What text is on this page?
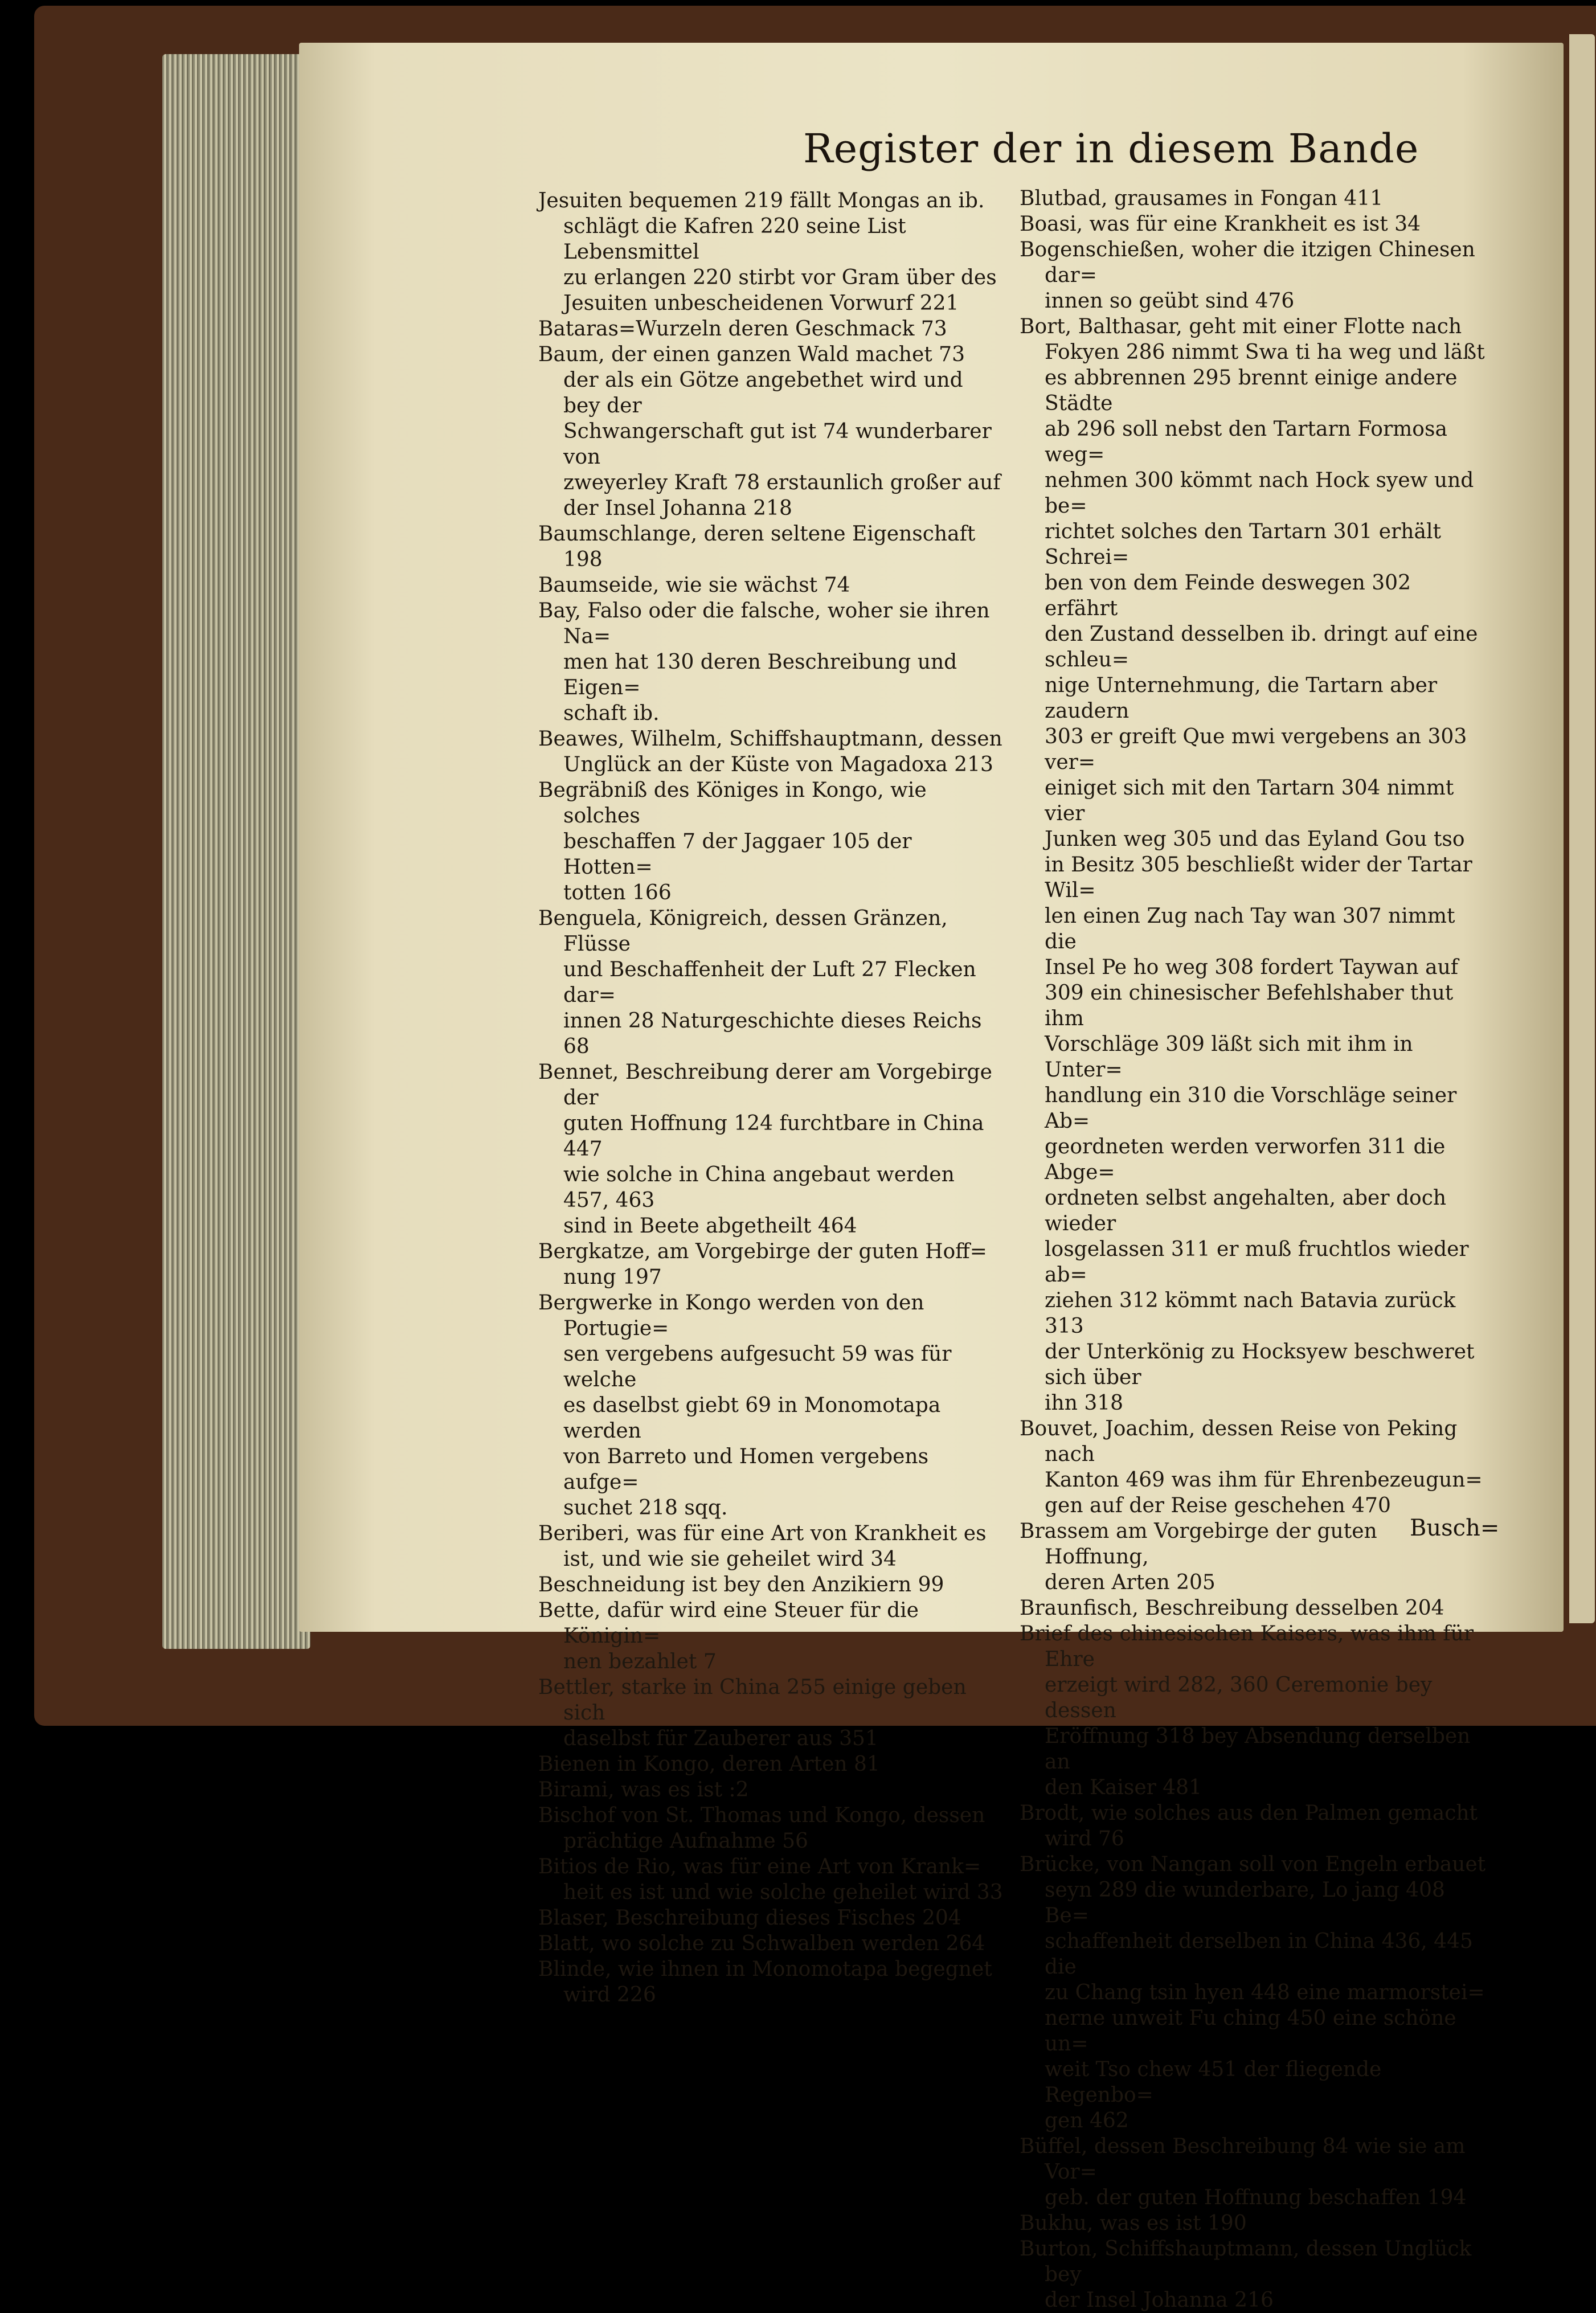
Register der in diesem Bande

Jesuiten bequemen 219 fällt Mongas an ib.
schlägt die Kafren 220 seine List Lebensmittel
zu erlangen 220 stirbt vor Gram über des
Jesuiten unbescheidenen Vorwurf 221

Bataras=Wurzeln deren Geschmack 73

Baum, der einen ganzen Wald machet 73
der als ein Götze angebethet wird und bey der
Schwangerschaft gut ist 74 wunderbarer von
zweyerley Kraft 78 erstaunlich großer auf
der Insel Johanna 218

Baumschlange, deren seltene Eigenschaft 198

Baumseide, wie sie wächst 74

Bay, Falso oder die falsche, woher sie ihren Na=
men hat 130 deren Beschreibung und Eigen=
schaft ib.

Beawes, Wilhelm, Schiffshauptmann, dessen
Unglück an der Küste von Magadoxa 213

Begräbniß des Königes in Kongo, wie solches
beschaffen 7 der Jaggaer 105 der Hotten=
totten 166

Benguela, Königreich, dessen Gränzen, Flüsse
und Beschaffenheit der Luft 27 Flecken dar=
innen 28 Naturgeschichte dieses Reichs 68

Bennet, Beschreibung derer am Vorgebirge der
guten Hoffnung 124 furchtbare in China 447
wie solche in China angebaut werden 457, 463
sind in Beete abgetheilt 464

Bergkatze, am Vorgebirge der guten Hoff=
nung 197

Bergwerke in Kongo werden von den Portugie=
sen vergebens aufgesucht 59 was für welche
es daselbst giebt 69 in Monomotapa werden
von Barreto und Homen vergebens aufge=
suchet 218 sqq.

Beriberi, was für eine Art von Krankheit es
ist, und wie sie geheilet wird 34

Beschneidung ist bey den Anzikiern 99

Bette, dafür wird eine Steuer für die Königin=
nen bezahlet 7

Bettler, starke in China 255 einige geben sich
daselbst für Zauberer aus 351

Bienen in Kongo, deren Arten 81

Birami, was es ist :2

Bischof von St. Thomas und Kongo, dessen
prächtige Aufnahme 56

Bitios de Rio, was für eine Art von Krank=
heit es ist und wie solche geheilet wird 33

Blaser, Beschreibung dieses Fisches 204

Blatt, wo solche zu Schwalben werden 264

Blinde, wie ihnen in Monomotapa begegnet
wird 226

Blutbad, grausames in Fongan 411

Boasi, was für eine Krankheit es ist 34

Bogenschießen, woher die itzigen Chinesen dar=
innen so geübt sind 476

Bort, Balthasar, geht mit einer Flotte nach
Fokyen 286 nimmt Swa ti ha weg und läßt
es abbrennen 295 brennt einige andere Städte
ab 296 soll nebst den Tartarn Formosa weg=
nehmen 300 kömmt nach Hock syew und be=
richtet solches den Tartarn 301 erhält Schrei=
ben von dem Feinde deswegen 302 erfährt
den Zustand desselben ib. dringt auf eine schleu=
nige Unternehmung, die Tartarn aber zaudern
303 er greift Que mwi vergebens an 303 ver=
einiget sich mit den Tartarn 304 nimmt vier
Junken weg 305 und das Eyland Gou tso
in Besitz 305 beschließt wider der Tartar Wil=
len einen Zug nach Tay wan 307 nimmt die
Insel Pe ho weg 308 fordert Taywan auf
309 ein chinesischer Befehlshaber thut ihm
Vorschläge 309 läßt sich mit ihm in Unter=
handlung ein 310 die Vorschläge seiner Ab=
geordneten werden verworfen 311 die Abge=
ordneten selbst angehalten, aber doch wieder
losgelassen 311 er muß fruchtlos wieder ab=
ziehen 312 kömmt nach Batavia zurück 313
der Unterkönig zu Hocksyew beschweret sich über
ihn 318

Bouvet, Joachim, dessen Reise von Peking nach
Kanton 469 was ihm für Ehrenbezeugun=
gen auf der Reise geschehen 470

Brassem am Vorgebirge der guten Hoffnung,
deren Arten 205

Braunfisch, Beschreibung desselben 204

Brief des chinesischen Kaisers, was ihm für Ehre
erzeigt wird 282, 360 Ceremonie bey dessen
Eröffnung 318 bey Absendung derselben an
den Kaiser 481

Brodt, wie solches aus den Palmen gemacht
wird 76

Brücke, von Nangan soll von Engeln erbauet
seyn 289 die wunderbare, Lo jang 408 Be=
schaffenheit derselben in China 436, 445 die
zu Chang tsin hyen 448 eine marmorstei=
nerne unweit Fu ching 450 eine schöne un=
weit Tso chew 451 der fliegende Regenbo=
gen 462

Büffel, dessen Beschreibung 84 wie sie am Vor=
geb. der guten Hoffnung beschaffen 194

Bukhu, was es ist 190

Burton, Schiffshauptmann, dessen Unglück bey
der Insel Johanna 216

Busch=
